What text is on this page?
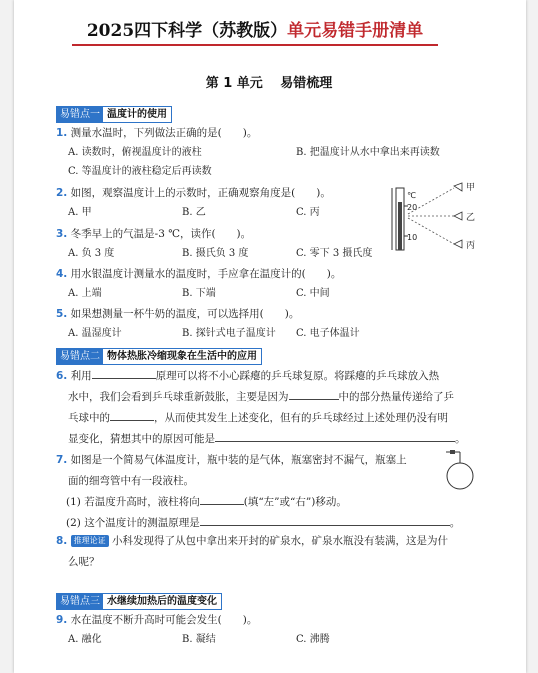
2025四下科学（苏教版）单元易错手册清单
第 1 单元　 易错梳理
易错点一 温度计的使用
1. 测量水温时，下列做法正确的是(　　)。
A. 读数时，俯视温度计的液柱	B. 把温度计从水中拿出来再读数
C. 等温度计的液柱稳定后再读数
2. 如图，观察温度计上的示数时，正确观察角度是(　　)。
A. 甲	B. 乙	C. 丙
℃
20
10
甲
乙
丙
3. 冬季早上的气温是-3 ℃，读作(　　)。
A. 负 3 度	B. 摄氏负 3 度	C. 零下 3 摄氏度
4. 用水银温度计测量水的温度时，手应拿在温度计的(　　)。
A. 上端	B. 下端	C. 中间
5. 如果想测量一杯牛奶的温度，可以选择用(　　)。
A. 温湿度计	B. 探针式电子温度计 C. 电子体温计
易错点二 物体热胀冷缩现象在生活中的应用
6. 利用	原理可以将不小心踩瘪的乒乓球复原。将踩瘪的乒乓球放入热
水中，我们会看到乒乓球重新鼓胀，主要是因为	中的部分热量传递给了乒
乓球中的	，从而使其发生上述变化，但有的乒乓球经过上述处理仍没有明
显变化，猜想其中的原因可能是	。
7. 如图是一个简易气体温度计，瓶中装的是气体，瓶塞密封不漏气，瓶塞上
面的细弯管中有一段液柱。
(1) 若温度升高时，液柱将向	(填“左”或“右”)移动。
(2) 这个温度计的测温原理是	。
8. 推理论证 小科发现得了从包中拿出来开封的矿泉水，矿泉水瓶没有装满，这是为什
么呢？
易错点三 水继续加热后的温度变化
9. 水在温度不断升高时可能会发生(　　)。
A. 融化	B. 凝结	C. 沸腾
